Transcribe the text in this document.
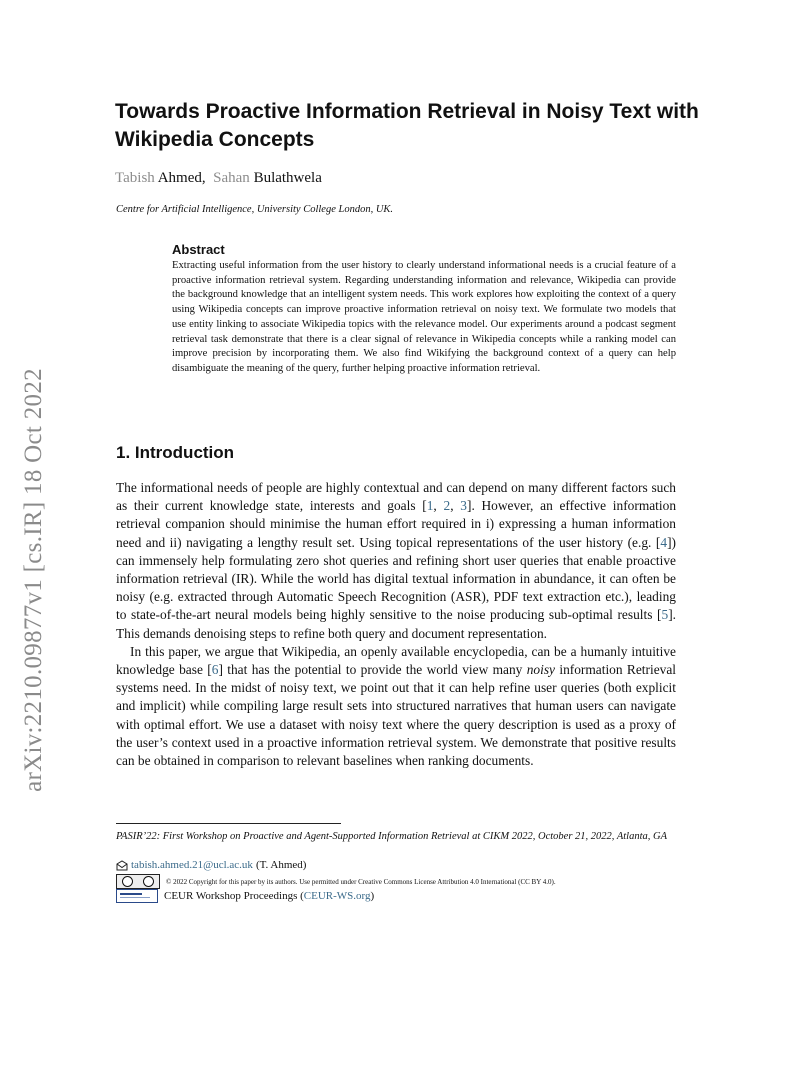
arXiv:2210.09877v1 [cs.IR] 18 Oct 2022
Towards Proactive Information Retrieval in Noisy Text with Wikipedia Concepts
Tabish Ahmed, Sahan Bulathwela
Centre for Artificial Intelligence, University College London, UK.
Abstract

Extracting useful information from the user history to clearly understand informational needs is a crucial feature of a proactive information retrieval system. Regarding understanding information and relevance, Wikipedia can provide the background knowledge that an intelligent system needs. This work explores how exploiting the context of a query using Wikipedia concepts can improve proactive information retrieval on noisy text. We formulate two models that use entity linking to associate Wikipedia topics with the relevance model. Our experiments around a podcast segment retrieval task demonstrate that there is a clear signal of relevance in Wikipedia concepts while a ranking model can improve precision by incorporating them. We also find Wikifying the background context of a query can help disambiguate the meaning of the query, further helping proactive information retrieval.

1. Introduction

The informational needs of people are highly contextual and can depend on many different factors such as their current knowledge state, interests and goals [1, 2, 3]. However, an effective information retrieval companion should minimise the human effort required in i) expressing a human information need and ii) navigating a lengthy result set. Using topical representations of the user history (e.g. [4]) can immensely help formulating zero shot queries and refining short user queries that enable proactive information retrieval (IR). While the world has digital textual information in abundance, it can often be noisy (e.g. extracted through Automatic Speech Recognition (ASR), PDF text extraction etc.), leading to state-of-the-art neural models being highly sensitive to the noise producing sub-optimal results [5]. This demands denoising steps to refine both query and document representation.

In this paper, we argue that Wikipedia, an openly available encyclopedia, can be a humanly intuitive knowledge base [6] that has the potential to provide the world view many noisy information Retrieval systems need. In the midst of noisy text, we point out that it can help refine user queries (both explicit and implicit) while compiling large result sets into structured narratives that human users can navigate with optimal effort. We use a dataset with noisy text where the query description is used as a proxy of the user’s context used in a proactive information retrieval system. We demonstrate that positive results can be obtained in comparison to relevant baselines when ranking documents.

PASIR’22: First Workshop on Proactive and Agent-Supported Information Retrieval at CIKM 2022, October 21, 2022, Atlanta, GA
tabish.ahmed.21@ucl.ac.uk (T. Ahmed)
© 2022 Copyright for this paper by its authors. Use permitted under Creative Commons License Attribution 4.0 International (CC BY 4.0).
CEUR Workshop Proceedings (CEUR-WS.org)
